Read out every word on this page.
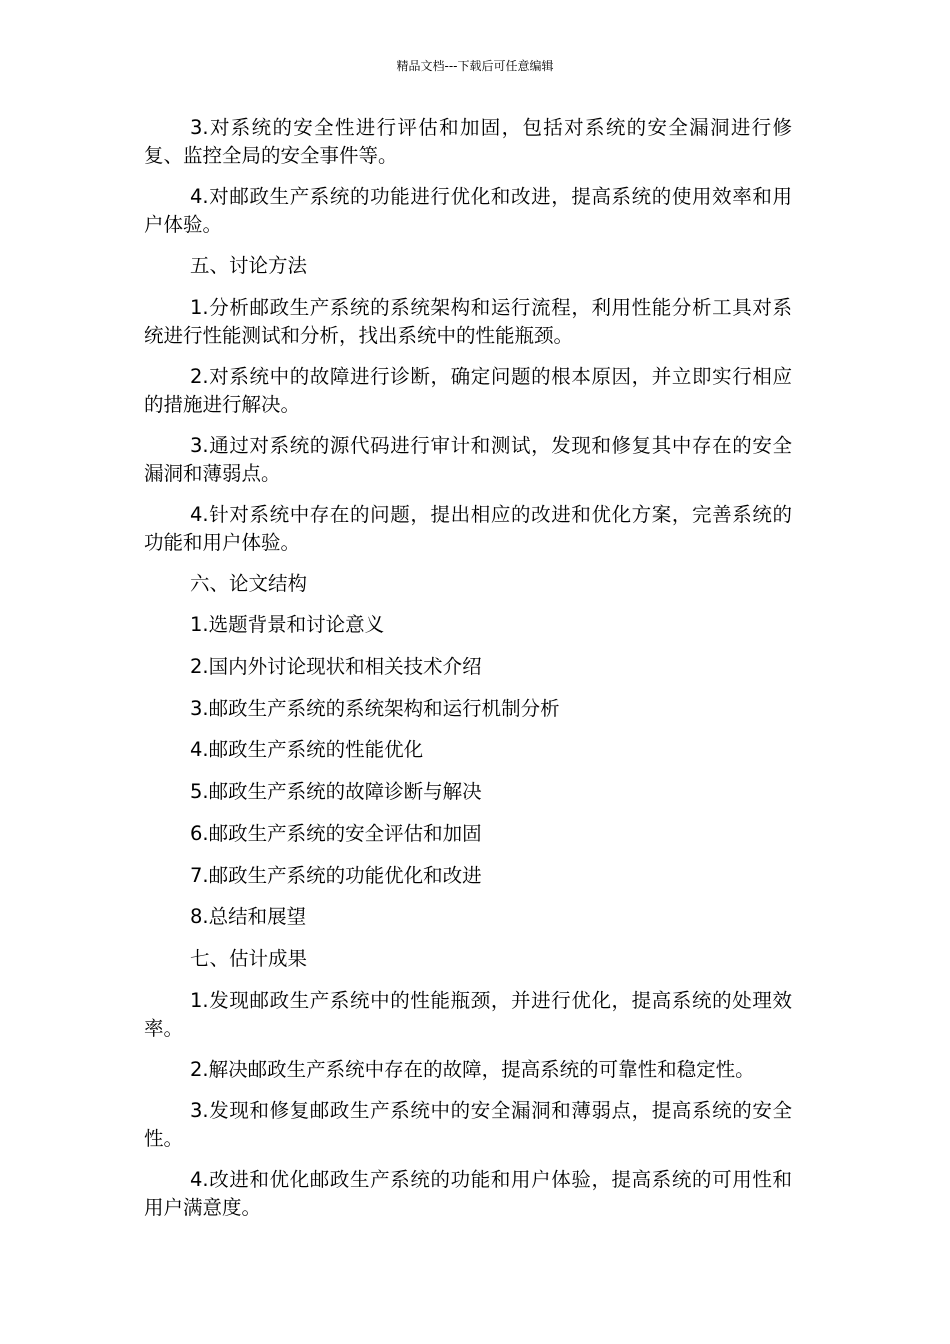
精品文档---下载后可任意编辑

3.对系统的安全性进行评估和加固，包括对系统的安全漏洞进行修复、监控全局的安全事件等。

4.对邮政生产系统的功能进行优化和改进，提高系统的使用效率和用户体验。

五、讨论方法

1.分析邮政生产系统的系统架构和运行流程，利用性能分析工具对系统进行性能测试和分析，找出系统中的性能瓶颈。

2.对系统中的故障进行诊断，确定问题的根本原因，并立即实行相应的措施进行解决。

3.通过对系统的源代码进行审计和测试，发现和修复其中存在的安全漏洞和薄弱点。

4.针对系统中存在的问题，提出相应的改进和优化方案，完善系统的功能和用户体验。

六、论文结构

1.选题背景和讨论意义

2.国内外讨论现状和相关技术介绍

3.邮政生产系统的系统架构和运行机制分析

4.邮政生产系统的性能优化

5.邮政生产系统的故障诊断与解决

6.邮政生产系统的安全评估和加固

7.邮政生产系统的功能优化和改进

8.总结和展望

七、估计成果

1.发现邮政生产系统中的性能瓶颈，并进行优化，提高系统的处理效率。

2.解决邮政生产系统中存在的故障，提高系统的可靠性和稳定性。

3.发现和修复邮政生产系统中的安全漏洞和薄弱点，提高系统的安全性。

4.改进和优化邮政生产系统的功能和用户体验，提高系统的可用性和用户满意度。
